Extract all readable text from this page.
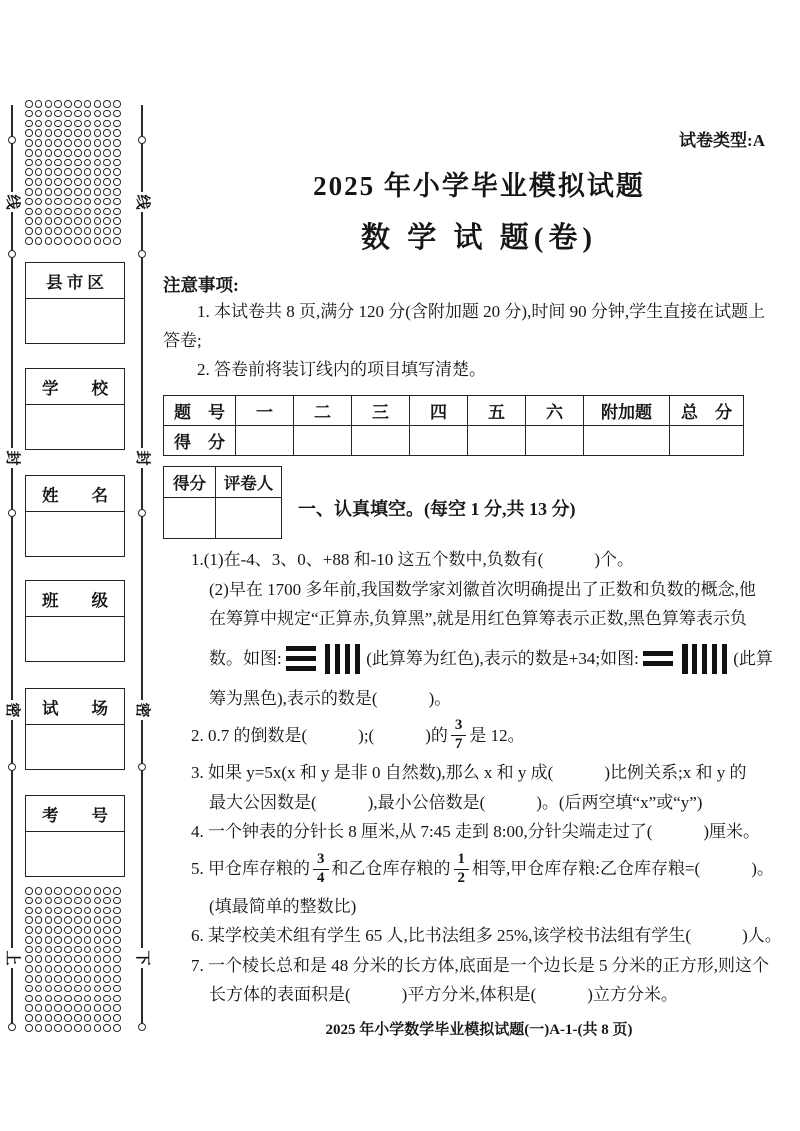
线
封
密
上
线
封
密
下
县 市 区
学　　校
姓　　名
班　　级
试　　场
考　　号
试卷类型:A
2025 年小学毕业模拟试题
数 学 试 题(卷)
注意事项:
1. 本试卷共 8 页,满分 120 分(含附加题 20 分),时间 90 分钟,学生直接在试题上
答卷;
2. 答卷前将装订线内的项目填写清楚。
题　号	一	二	三	四	五	六	附加题	总　分
得　分								
得分	评卷人

一、认真填空。(每空 1 分,共 13 分)
1.(1)在-4、3、0、+88 和-10 这五个数中,负数有(　　　)个。
(2)早在 1700 多年前,我国数学家刘徽首次明确提出了正数和负数的概念,他
在筹算中规定“正算赤,负算黑”,就是用红色算筹表示正数,黑色算筹表示负
数。如图:	(此算筹为红色),表示的数是+34;如图:	(此算
筹为黑色),表示的数是(　　　)。
2. 0.7 的倒数是(　　　);(　　　)的 $\frac{3}{7}$ 是 12。
3. 如果 y=5x(x 和 y 是非 0 自然数),那么 x 和 y 成(　　　)比例关系;x 和 y 的
最大公因数是(　　　),最小公倍数是(　　　)。(后两空填“x”或“y”)
4. 一个钟表的分针长 8 厘米,从 7:45 走到 8:00,分针尖端走过了(　　　)厘米。
5. 甲仓库存粮的 $\frac{3}{4}$ 和乙仓库存粮的 $\frac{1}{2}$ 相等,甲仓库存粮:乙仓库存粮=(　　　)。
(填最简单的整数比)
6. 某学校美术组有学生 65 人,比书法组多 25%,该学校书法组有学生(　　　)人。
7. 一个棱长总和是 48 分米的长方体,底面是一个边长是 5 分米的正方形,则这个
长方体的表面积是(　　　)平方分米,体积是(　　　)立方分米。
2025 年小学数学毕业模拟试题(一)A-1-(共 8 页)
